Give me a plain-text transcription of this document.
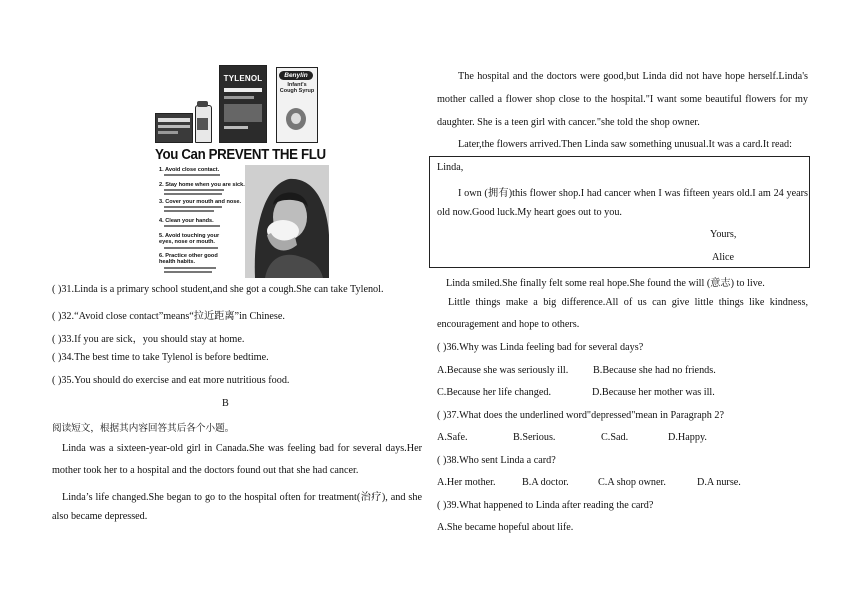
TYLENOL	Benylin
Infant's Cough Syrup
You Can PREVENT THE FLU
1. Avoid close contact.
2. Stay home when you are sick.
3. Cover your mouth and nose.
4. Clean your hands.
5. Avoid touching your eyes, nose or mouth.
6. Practice other good health habits.
( )31.Linda is a primary school student,and she got a cough.She can take Tylenol.
( )32.“Avoid close contact”means“拉近距离”in Chinese.
( )33.If you are sick，you should stay at home.
( )34.The best time to take Tylenol is before bedtime.
( )35.You should do exercise and eat more nutritious food.
B
阅读短文，根据其内容回答其后各个小题。
Linda was a sixteen-year-old girl in Canada.She was feeling bad for several days.Her
mother took her to a hospital and the doctors found out that she had cancer.
Linda’s life changed.She began to go to the hospital often for treatment(治疗), and she
also became depressed.
The hospital and the doctors were good,but Linda did not have hope herself.Linda's
mother called a flower shop close to the hospital."I want some beautiful flowers for my
daughter. She is a teen girl with cancer."she told the shop owner.
Later,the flowers arrived.Then Linda saw something unusual.It was a card.It read:
Linda,
I own (拥有)this flower shop.I had cancer when I was fifteen years old.I am 24 years
old now.Good luck.My heart goes out to you.
Yours,
Alice
Linda smiled.She finally felt some real hope.She found the will (意志) to live.
Little things make a big difference.All of us can give little things like kindness,
encouragement and hope to others.
( )36.Why was Linda feeling bad for several days?
A.Because she was seriously ill. B.Because she had no friends.
C.Because her life changed.	D.Because her mother was ill.
( )37.What does the underlined word"depressed"mean in Paragraph 2?
A.Safe.	B.Serious.	C.Sad.	D.Happy.
( )38.Who sent Linda a card?
A.Her mother.	B.A doctor.	C.A shop owner.	D.A nurse.
( )39.What happened to Linda after reading the card?
A.She became hopeful about life.
